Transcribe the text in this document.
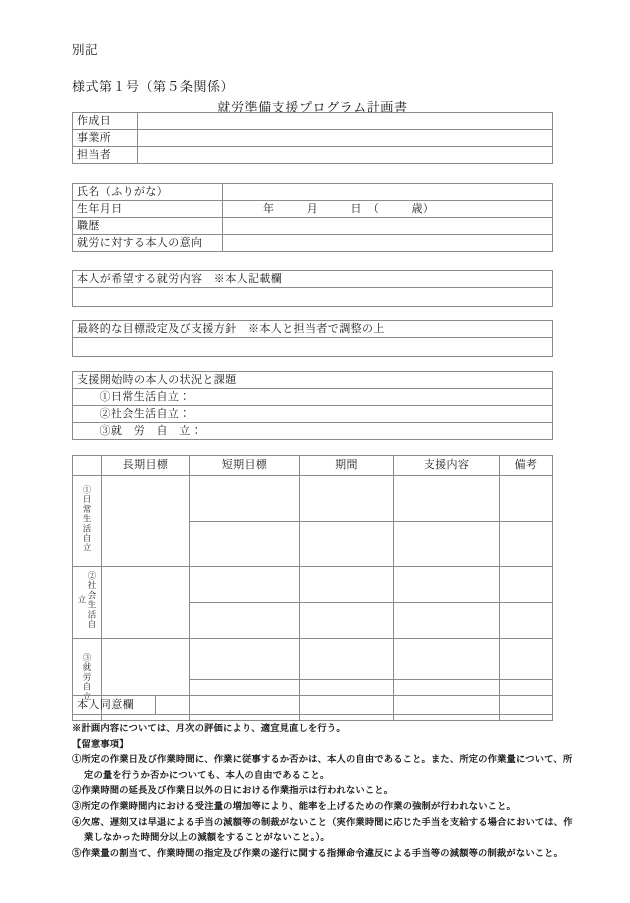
別記
様式第１号（第５条関係）
就労準備支援プログラム計画書
作成日	
事業所	
担当者	
氏名（ふりがな）	
生年月日	年 月 日　（ 歳）
職歴	
就労に対する本人の意向	
本人が希望する就労内容　※本人記載欄

最終的な目標設定及び支援方針　※本人と担当者で調整の上

支援開始時の本人の状況と課題	
	①日常生活自立：
	②社会生活自立：
	③就　労　自　立：
	長期目標	短期目標	期間	支援内容	備考
①日常生活自立					

②社会生活自立					

③就労自立					

本人同意欄	
※計画内容については、月次の評価により、適宜見直しを行う。
【留意事項】
①所定の作業日及び作業時間に、作業に従事するか否かは、本人の自由であること。また、所定の作業量について、所
定の量を行うか否かについても、本人の自由であること。
②作業時間の延長及び作業日以外の日における作業指示は行われないこと。
③所定の作業時間内における受注量の増加等により、能率を上げるための作業の強制が行われないこと。
④欠席、遅刻又は早退による手当の減額等の制裁がないこと（実作業時間に応じた手当を支給する場合においては、作
業しなかった時間分以上の減額をすることがないこと。）。
⑤作業量の割当て、作業時間の指定及び作業の遂行に関する指揮命令違反による手当等の減額等の制裁がないこと。
